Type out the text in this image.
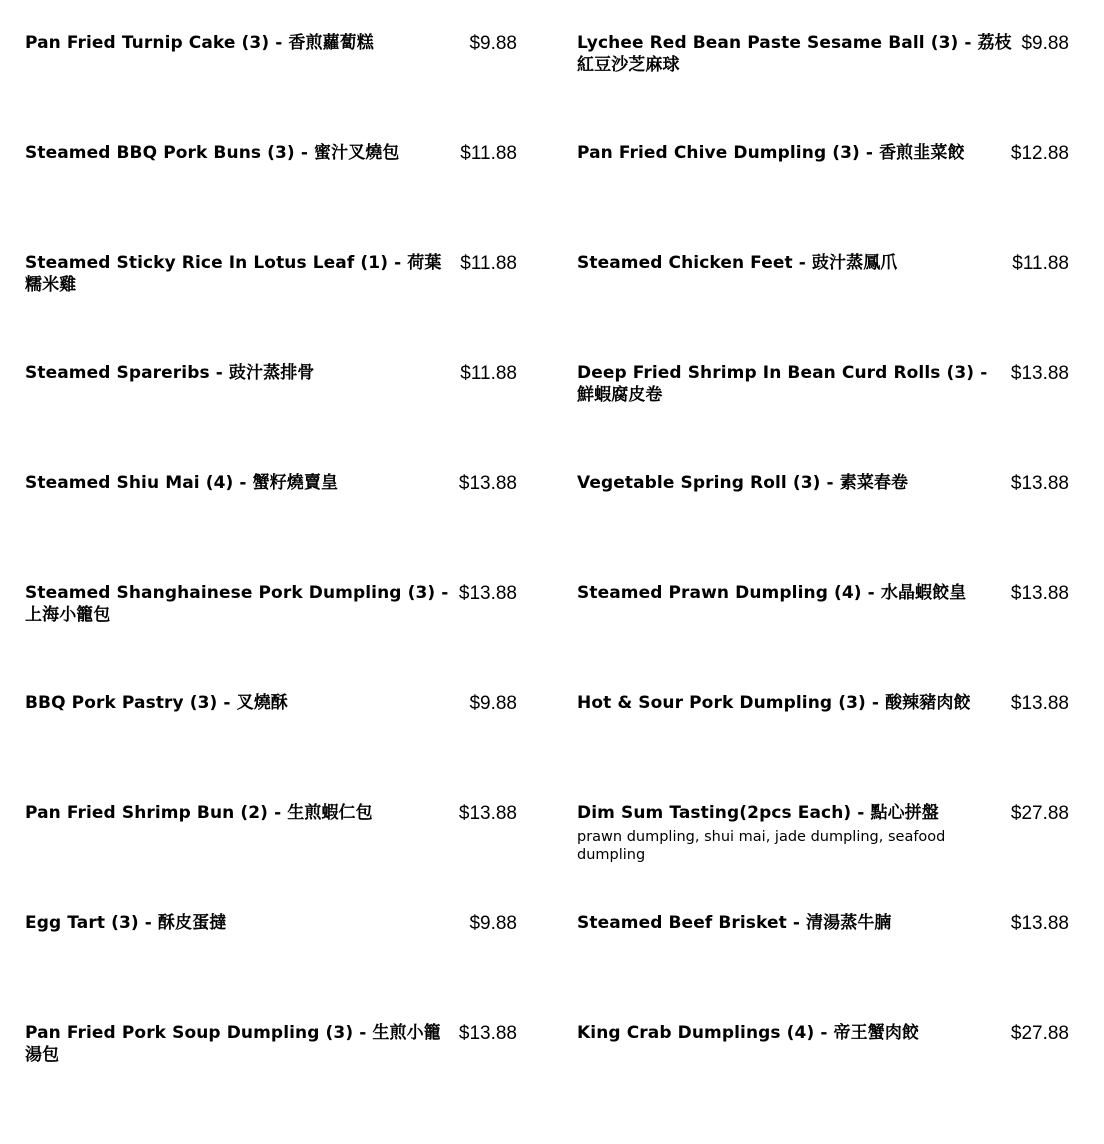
Pan Fried Turnip Cake (3) - 香煎蘿蔔糕	$9.88
Steamed BBQ Pork Buns (3) - 蜜汁叉燒包	$11.88
Steamed Sticky Rice In Lotus Leaf (1) - 荷葉糯米雞
$11.88
Steamed Spareribs - 豉汁蒸排骨	$11.88
Steamed Shiu Mai (4) - 蟹籽燒賣皇	$13.88
Steamed Shanghainese Pork Dumpling (3) - 上海小籠包
$13.88
BBQ Pork Pastry (3) - 叉燒酥	$9.88
Pan Fried Shrimp Bun (2) - 生煎蝦仁包	$13.88
Egg Tart (3) - 酥皮蛋撻	$9.88
Pan Fried Pork Soup Dumpling (3) - 生煎小籠湯包
$13.88
Lychee Red Bean Paste Sesame Ball (3) - 荔枝紅豆沙芝麻球
$9.88
Pan Fried Chive Dumpling (3) - 香煎韭菜餃	$12.88
Steamed Chicken Feet - 豉汁蒸鳳爪	$11.88
Deep Fried Shrimp In Bean Curd Rolls (3) - 鮮蝦腐皮卷
$13.88
Vegetable Spring Roll (3) - 素菜春卷	$13.88
Steamed Prawn Dumpling (4) - 水晶蝦餃皇	$13.88
Hot & Sour Pork Dumpling (3) - 酸辣豬肉餃	$13.88
Dim Sum Tasting(2pcs Each) - 點心拼盤
prawn dumpling, shui mai, jade dumpling, seafood dumpling
$27.88
Steamed Beef Brisket - 清湯蒸牛腩	$13.88
King Crab Dumplings (4) - 帝王蟹肉餃	$27.88
